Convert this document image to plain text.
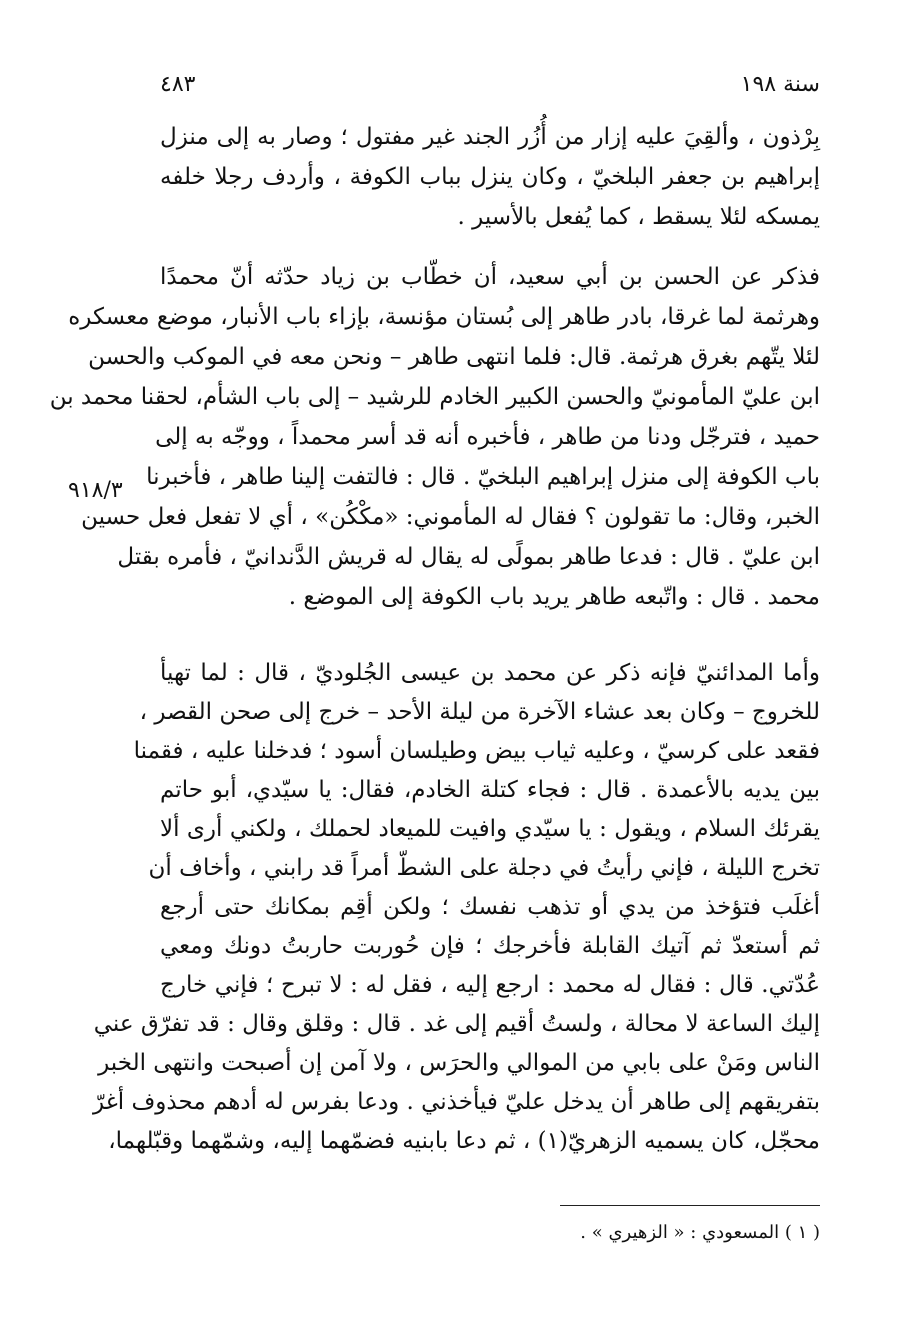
سنة ١٩٨
٤٨٣
٩١٨/٣
بِرْذون ، وألقِيَ عليه إزار من أُزُر الجند غير مفتول ؛ وصار به إلى منزل
إبراهيم بن جعفر البلخيّ ، وكان ينزل بباب الكوفة ، وأردف رجلا خلفه
يمسكه لئلا يسقط ، كما يُفعل بالأسير .
فذكر عن الحسن بن أبي سعيد، أن خطّاب بن زياد حدّثه أنّ محمدًا
وهرثمة لما غرقا، بادر طاهر إلى بُستان مؤنسة، بإزاء باب الأنبار، موضع معسكره
لئلا يتّهم بغرق هرثمة. قال: فلما انتهى طاهر – ونحن معه في الموكب والحسن
ابن عليّ المأمونيّ والحسن الكبير الخادم للرشيد – إلى باب الشأم، لحقنا محمد بن
حميد ، فترجّل ودنا من طاهر ، فأخبره أنه قد أسر محمداً ، ووجّه به إلى
باب الكوفة إلى منزل إبراهيم البلخيّ . قال : فالتفت إلينا طاهر ، فأخبرنا
الخبر، وقال: ما تقولون ؟ فقال له المأموني: «مكْكُن» ، أي لا تفعل فعل حسين
ابن عليّ . قال : فدعا طاهر بمولًى له يقال له قريش الدَّندانيّ ، فأمره بقتل
محمد . قال : واتّبعه طاهر يريد باب الكوفة إلى الموضع .
وأما المدائنيّ فإنه ذكر عن محمد بن عيسى الجُلوديّ ، قال : لما تهيأ
للخروج – وكان بعد عشاء الآخرة من ليلة الأحد – خرج إلى صحن القصر ،
فقعد على كرسيّ ، وعليه ثياب بيض وطيلسان أسود ؛ فدخلنا عليه ، فقمنا
بين يديه بالأعمدة . قال : فجاء كتلة الخادم، فقال: يا سيّدي، أبو حاتم
يقرئك السلام ، ويقول : يا سيّدي وافيت للميعاد لحملك ، ولكني أرى ألا
تخرج الليلة ، فإني رأيتُ في دجلة على الشطّ أمراً قد رابني ، وأخاف أن
أغلَب فتؤخذ من يدي أو تذهب نفسك ؛ ولكن أقِم بمكانك حتى أرجع
ثم أستعدّ ثم آتيك القابلة فأخرجك ؛ فإن حُوربت حاربتُ دونك ومعي
عُدّتي. قال : فقال له محمد : ارجع إليه ، فقل له : لا تبرح ؛ فإني خارج
إليك الساعة لا محالة ، ولستُ أقيم إلى غد . قال : وقلق وقال : قد تفرّق عني
الناس ومَنْ على بابي من الموالي والحرَس ، ولا آمن إن أصبحت وانتهى الخبر
بتفريقهم إلى طاهر أن يدخل عليّ فيأخذني . ودعا بفرس له أدهم محذوف أغرّ
محجّل، كان يسميه الزهريّ(١) ، ثم دعا بابنيه فضمّهما إليه، وشمّهما وقبّلهما،
( ١ ) المسعودي : « الزهيري » .
